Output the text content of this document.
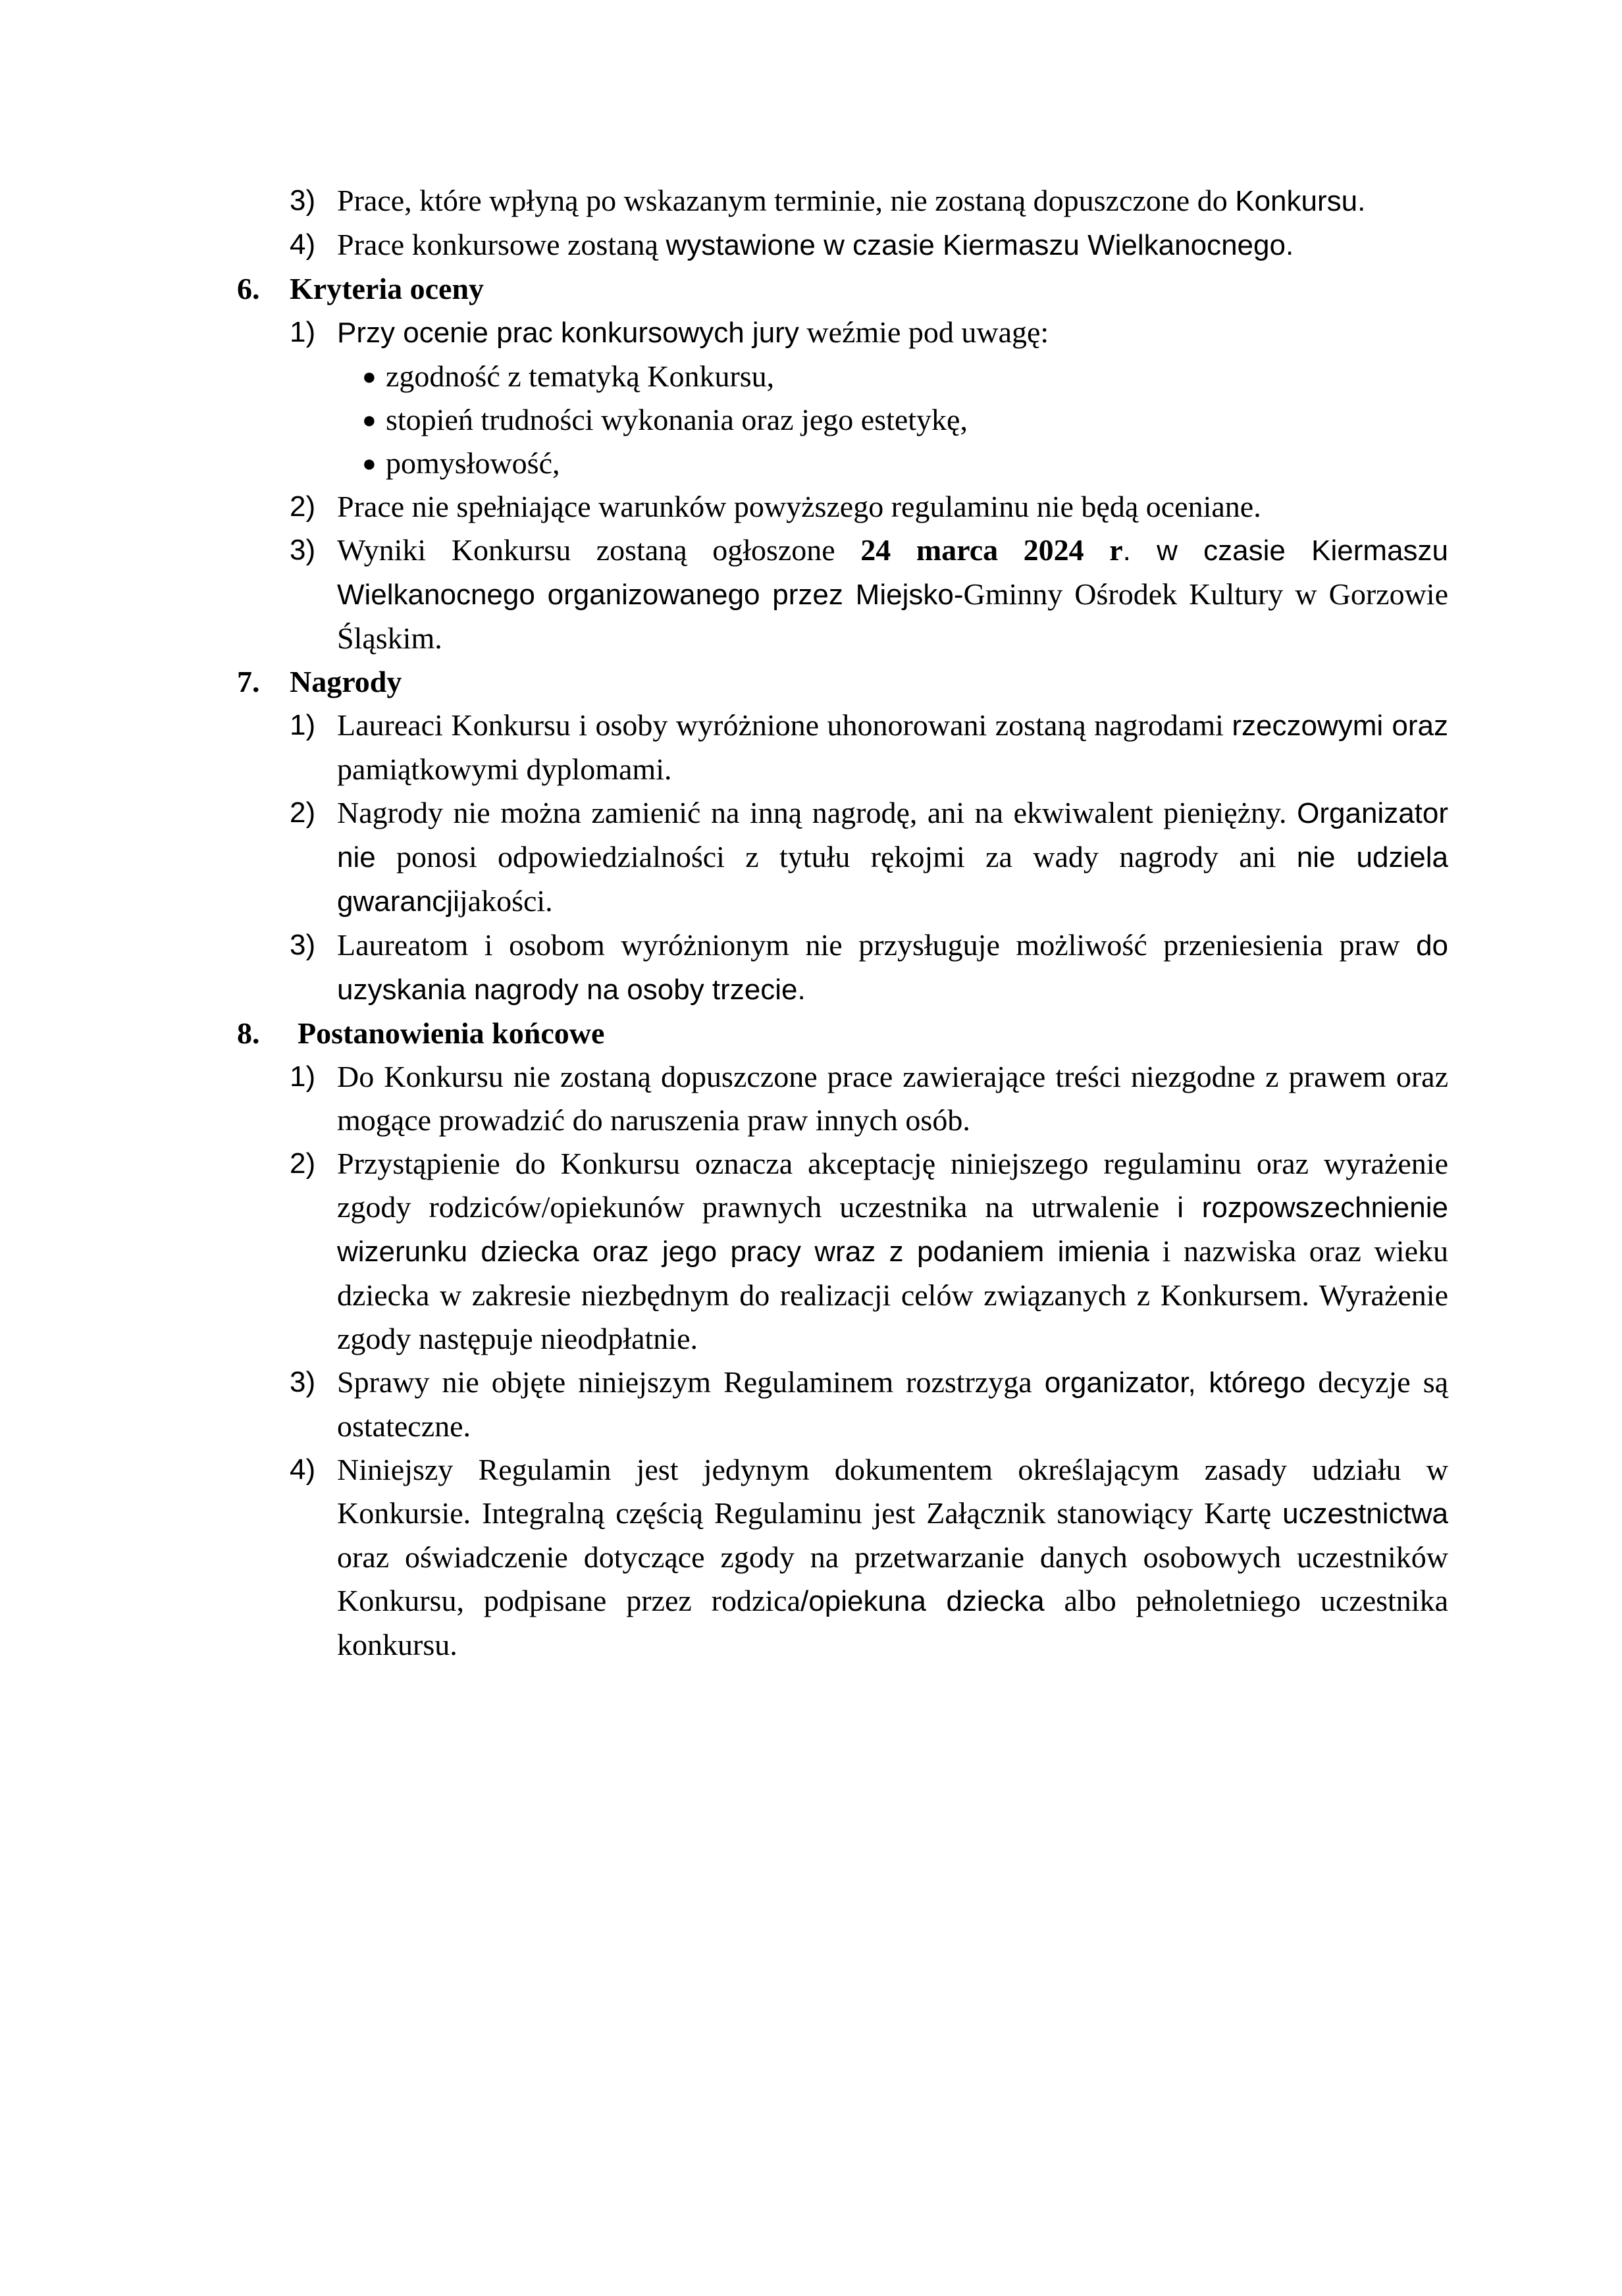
3) Prace, które wpłyną po wskazanym terminie, nie zostaną dopuszczone do Konkursu.
4) Prace konkursowe zostaną wystawione w czasie Kiermaszu Wielkanocnego.
6. Kryteria oceny
1) Przy ocenie prac konkursowych jury weźmie pod uwagę:
● zgodność z tematyką Konkursu,
● stopień trudności wykonania oraz jego estetykę,
● pomysłowość,
2) Prace nie spełniające warunków powyższego regulaminu nie będą oceniane.
3) Wyniki Konkursu zostaną ogłoszone 24 marca 2024 r. w czasie Kiermaszu Wielkanocnego organizowanego przez Miejsko-Gminny Ośrodek Kultury w Gorzowie Śląskim.
7. Nagrody
1) Laureaci Konkursu i osoby wyróżnione uhonorowani zostaną nagrodami rzeczowymi oraz pamiątkowymi dyplomami.
2) Nagrody nie można zamienić na inną nagrodę, ani na ekwiwalent pieniężny. Organizator nie ponosi odpowiedzialności z tytułu rękojmi za wady nagrody ani nie udziela gwarancjijakości.
3) Laureatom i osobom wyróżnionym nie przysługuje możliwość przeniesienia praw do uzyskania nagrody na osoby trzecie.
8. Postanowienia końcowe
1) Do Konkursu nie zostaną dopuszczone prace zawierające treści niezgodne z prawem oraz mogące prowadzić do naruszenia praw innych osób.
2) Przystąpienie do Konkursu oznacza akceptację niniejszego regulaminu oraz wyrażenie zgody rodziców/opiekunów prawnych uczestnika na utrwalenie i rozpowszechnienie wizerunku dziecka oraz jego pracy wraz z podaniem imienia i nazwiska oraz wieku dziecka w zakresie niezbędnym do realizacji celów związanych z Konkursem. Wyrażenie zgody następuje nieodpłatnie.
3) Sprawy nie objęte niniejszym Regulaminem rozstrzyga organizator, którego decyzje są ostateczne.
4) Niniejszy Regulamin jest jedynym dokumentem określającym zasady udziału w Konkursie. Integralną częścią Regulaminu jest Załącznik stanowiący Kartę uczestnictwa oraz oświadczenie dotyczące zgody na przetwarzanie danych osobowych uczestników Konkursu, podpisane przez rodzica/opiekuna dziecka albo pełnoletniego uczestnika konkursu.
